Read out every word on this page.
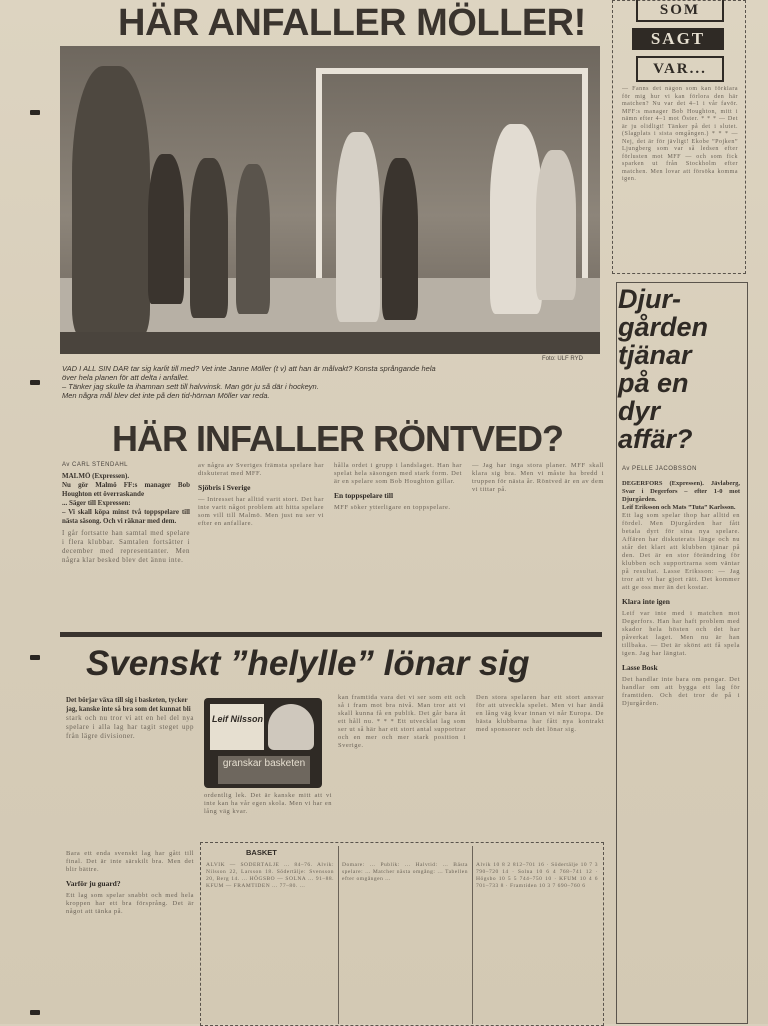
HÄR ANFALLER MÖLLER!
Foto: ULF RYD
VAD I ALL SIN DAR tar sig karlit till med? Vet inte Janne Möller (t v) att han är målvakt? Konsta språngande hela
över hela planen för att delta i anfallet.
– Tänker jag skulle ta ihamnan sett till halvvinsk. Man gör ju så där i hockeyn.
Men några mål blev det inte på den tid-hörnan Möller var reda.
SOM
SAGT
VAR...
— Fanns det någon som kan förklara för mig hur vi kan förlora den här matchen? Nu var det 4–1 i vår favör. MFF:s manager Bob Houghton, mitt i nämn efter 4–1 mot Öster. * * * — Det är ju olidligt! Tänker på det i slutet. (Slagplats i sista omgången.) * * * — Nej, det är för jävligt! Ekobe ”Pojken” Ljungberg som var så ledsen efter förlusten mot MFF — och som fick sparken ut från Stockholm efter matchen. Men lovar att försöka komma igen.
HÄR INFALLER RÖNTVED?
Av CARL STENDAHL
MALMÖ (Expressen).
Nu gör Malmö FF:s manager Bob Houghton ett överraskande
... Säger till Expressen:
– Vi skall köpa minst två toppspelare till nästa säsong. Och vi räknar med dem.
I går fortsatte han samtal med spelare i flera klubbar. Samtalen fortsätter i december med representanter. Men några klar besked blev det ännu inte.
av några av Sveriges främsta spelare har diskuterat med MFF.
Sjöbris i Sverige
— Intresset har alltid varit stort. Det har inte varit något problem att hitta spelare som vill till Malmö. Men just nu ser vi efter en anfallare.
hålla ordet i grupp i landslaget. Han har spelat hela säsongen med stark form. Det är en spelare som Bob Houghton gillar.
En toppspelare till
MFF söker ytterligare en toppspelare.
— Jag har inga stora planer. MFF skall klara sig bra. Men vi måste ha bredd i truppen för nästa år. Röntved är en av dem vi tittar på.
Svenskt ”helylle” lönar sig
Det börjar växa till sig i basketen, tycker
jag, kanske inte så bra som det kunnat bli
stark och nu tror vi att en hel del nya spelare i alla lag har tagit steget upp från lägre divisioner.
Leif Nilsson
granskar basketen
ordentlig lek. Det är kanske mitt att vi inte kan ha vår egen skola. Men vi har en lång väg kvar.
kan framtida vara det vi ser som ett och så i fram mot bra nivå. Man tror att vi skall kunna få en publik. Det går bara åt ett håll nu. * * * Ett utvecklat lag som ser ut så här har ett stort antal supportrar och en mer och mer stark position i Sverige.
Den stora spelaren har ett stort ansvar för att utveckla spelet. Men vi har ändå en lång väg kvar innan vi når Europa. De bästa klubbarna har fått nya kontrakt med sponsorer och det lönar sig.
Bara ett enda svenskt lag har gått till final. Det är inte särskilt bra. Men det blir bättre.
Varför ju guard?
Ett lag som spelar snabbt och med hela kroppen har ett bra försprång. Det är något att tänka på.
BASKET
ALVIK — SÖDERTÄLJE ... 84–76. Alvik: Nilsson 22, Larsson 18. Södertälje: Svensson 20, Berg 14. ... HÖGSBO — SOLNA ... 91–88. KFUM — FRAMTIDEN ... 77–80. ...
Domare: ... Publik: ... Halvtid: ... Bästa spelare: ... Matcher nästa omgång: ... Tabellen efter omgången ...
Alvik 10 8 2 812–701 16 · Södertälje 10 7 3 790–720 14 · Solna 10 6 4 768–741 12 · Högsbo 10 5 5 744–750 10 · KFUM 10 4 6 701–733 8 · Framtiden 10 3 7 690–760 6
Djur-
gården
tjänar
på en
dyr
affär?
Av PELLE JACOBSSON
DEGERFORS (Expressen). Jävlaberg, Svar i Degerfors – efter 1-0 mot Djurgården.
Leif Eriksson och Mats ”Tuta” Karlsson.
Ett lag som spelar ihop har alltid en fördel. Men Djurgården har fått betala dyrt för sina nya spelare. Affären har diskuterats länge och nu står det klart att klubben tjänar på den. Det är en stor förändring för klubben och supportrarna som väntar på resultat. Lasse Eriksson: — Jag tror att vi har gjort rätt. Det kommer att ge oss mer än det kostar.
Klara inte igen
Leif var inte med i matchen mot Degerfors. Han har haft problem med skador hela hösten och det har påverkat laget. Men nu är han tillbaka. — Det är skönt att få spela igen. Jag har längtat.
Lasse Bosk
Det handlar inte bara om pengar. Det handlar om att bygga ett lag för framtiden. Och det tror de på i Djurgården.
